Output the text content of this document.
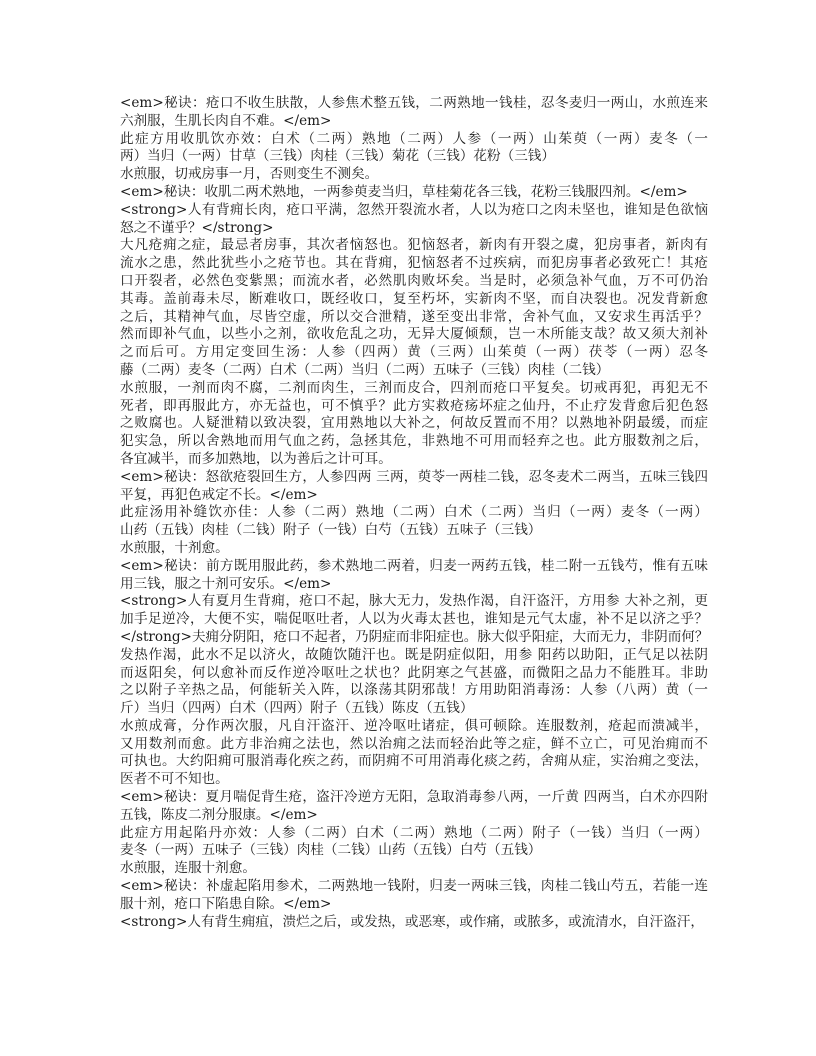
<em>秘诀：疮口不收生肤散，人参焦术整五钱，二两熟地一钱桂，忍冬麦归一两山，水煎连来
六剂服，生肌长肉自不难。</em>
此症方用收肌饮亦效：白术（二两）熟地（二两）人参（一两）山茱萸（一两）麦冬（一
两）当归（一两）甘草（三钱）肉桂（三钱）菊花（三钱）花粉（三钱）
水煎服，切戒房事一月，否则变生不测矣。
<em>秘诀：收肌二两术熟地，一两参萸麦当归，草桂菊花各三钱，花粉三钱服四剂。</em>
<strong>人有背痈长肉，疮口平满，忽然开裂流水者，人以为疮口之肉未坚也，谁知是色欲恼
怒之不谨乎？</strong>
大凡疮痈之症，最忌者房事，其次者恼怒也。犯恼怒者，新肉有开裂之虞，犯房事者，新肉有
流水之患，然此犹些小之疮节也。其在背痈，犯恼怒者不过疾病，而犯房事者必致死亡！其疮
口开裂者，必然色变紫黑；而流水者，必然肌肉败坏矣。当是时，必须急补气血，万不可仍治
其毒。盖前毒未尽，断难收口，既经收口，复至朽坏，实新肉不坚，而自决裂也。况发背新愈
之后，其精神气血，尽皆空虚，所以交合泄精，遂至变出非常，舍补气血，又安求生再活乎？
然而即补气血，以些小之剂，欲收危乱之功，无异大厦倾颓，岂一木所能支哉？故又须大剂补
之而后可。方用定变回生汤：人参（四两）黄（三两）山茱萸（一两）茯苓（一两）忍冬
藤（二两）麦冬（二两）白术（二两）当归（二两）五味子（三钱）肉桂（二钱）
水煎服，一剂而肉不腐，二剂而肉生，三剂而皮合，四剂而疮口平复矣。切戒再犯，再犯无不
死者，即再服此方，亦无益也，可不慎乎？此方实救疮疡坏症之仙丹，不止疗发背愈后犯色怒
之败腐也。人疑泄精以致决裂，宜用熟地以大补之，何故反置而不用？以熟地补阴最缓，而症
犯实急，所以舍熟地而用气血之药，急拯其危，非熟地不可用而轻弃之也。此方服数剂之后，
各宜减半，而多加熟地，以为善后之计可耳。
<em>秘诀：怒欲疮裂回生方，人参四两 三两，萸苓一两桂二钱，忍冬麦术二两当，五味三钱四
平复，再犯色戒定不长。</em>
此症汤用补缝饮亦佳：人参（二两）熟地（二两）白术（二两）当归（一两）麦冬（一两）
山药（五钱）肉桂（二钱）附子（一钱）白芍（五钱）五味子（三钱）
水煎服，十剂愈。
<em>秘诀：前方既用服此药，参术熟地二两着，归麦一两药五钱，桂二附一五钱芍，惟有五味
用三钱，服之十剂可安乐。</em>
<strong>人有夏月生背痈，疮口不起，脉大无力，发热作渴，自汗盗汗，方用参 大补之剂，更
加手足逆冷，大便不实，喘促呕吐者，人以为火毒太甚也，谁知是元气太虚，补不足以济之乎？
</strong>夫痈分阴阳，疮口不起者，乃阴症而非阳症也。脉大似乎阳症，大而无力，非阴而何？
发热作渴，此水不足以济火，故随饮随汗也。既是阴症似阳，用参 阳药以助阳，正气足以祛阴
而返阳矣，何以愈补而反作逆冷呕吐之状也？此阴寒之气甚盛，而微阳之品力不能胜耳。非助
之以附子辛热之品，何能斩关入阵，以涤荡其阴邪哉！方用助阳消毒汤：人参（八两）黄（一
斤）当归（四两）白术（四两）附子（五钱）陈皮（五钱）
水煎成膏，分作两次服，凡自汗盗汗、逆冷呕吐诸症，俱可顿除。连服数剂，疮起而溃减半，
又用数剂而愈。此方非治痈之法也，然以治痈之法而轻治此等之症，鲜不立亡，可见治痈而不
可执也。大约阳痈可服消毒化疾之药，而阴痈不可用消毒化痰之药，舍痈从症，实治痈之变法，
医者不可不知也。
<em>秘诀：夏月喘促背生疮，盗汗冷逆方无阳，急取消毒参八两，一斤黄 四两当，白术亦四附
五钱，陈皮二剂分服康。</em>
此症方用起陷丹亦效：人参（二两）白术（二两）熟地（二两）附子（一钱）当归（一两）
麦冬（一两）五味子（三钱）肉桂（二钱）山药（五钱）白芍（五钱）
水煎服，连服十剂愈。
<em>秘诀：补虚起陷用参术，二两熟地一钱附，归麦一两味三钱，肉桂二钱山芍五，若能一连
服十剂，疮口下陷患自除。</em>
<strong>人有背生痈疽，溃烂之后，或发热，或恶寒，或作痛，或脓多，或流清水，自汗盗汗，
